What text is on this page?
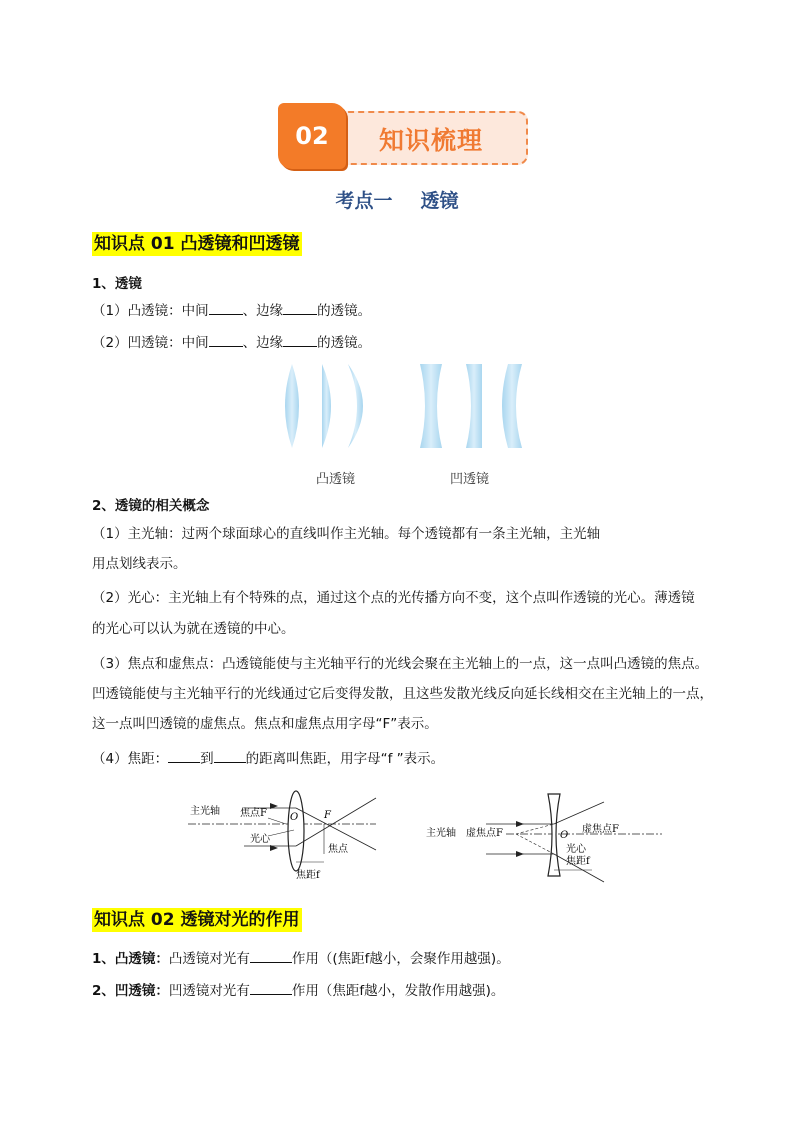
知识梳理
02
考点一 透镜
知识点 01 凸透镜和凹透镜
1、透镜
（1）凸透镜：中间	、边缘	的透镜。
（2）凹透镜：中间	、边缘	的透镜。
凸透镜	凹透镜
2、透镜的相关概念
（1）主光轴：过两个球面球心的直线叫作主光轴。每个透镜都有一条主光轴，主光轴
用点划线表示。
（2）光心：主光轴上有个特殊的点，通过这个点的光传播方向不变，这个点叫作透镜的光心。薄透镜
的光心可以认为就在透镜的中心。
（3）焦点和虚焦点：凸透镜能使与主光轴平行的光线会聚在主光轴上的一点，这一点叫凸透镜的焦点。
凹透镜能使与主光轴平行的光线通过它后变得发散，且这些发散光线反向延长线相交在主光轴上的一点，
这一点叫凹透镜的虚焦点。焦点和虚焦点用字母“F”表示。
（4）焦距： 到 的距离叫焦距，用字母“f ”表示。
主光轴 焦点F O	F
光心
焦点
焦距f
主光轴 虚焦点F	O
虚焦点F
光心
焦距f
知识点 02 透镜对光的作用
1、凸透镜：凸透镜对光有	作用（(焦距f越小，会聚作用越强)。
2、凹透镜：凹透镜对光有	作用（焦距f越小，发散作用越强)。
